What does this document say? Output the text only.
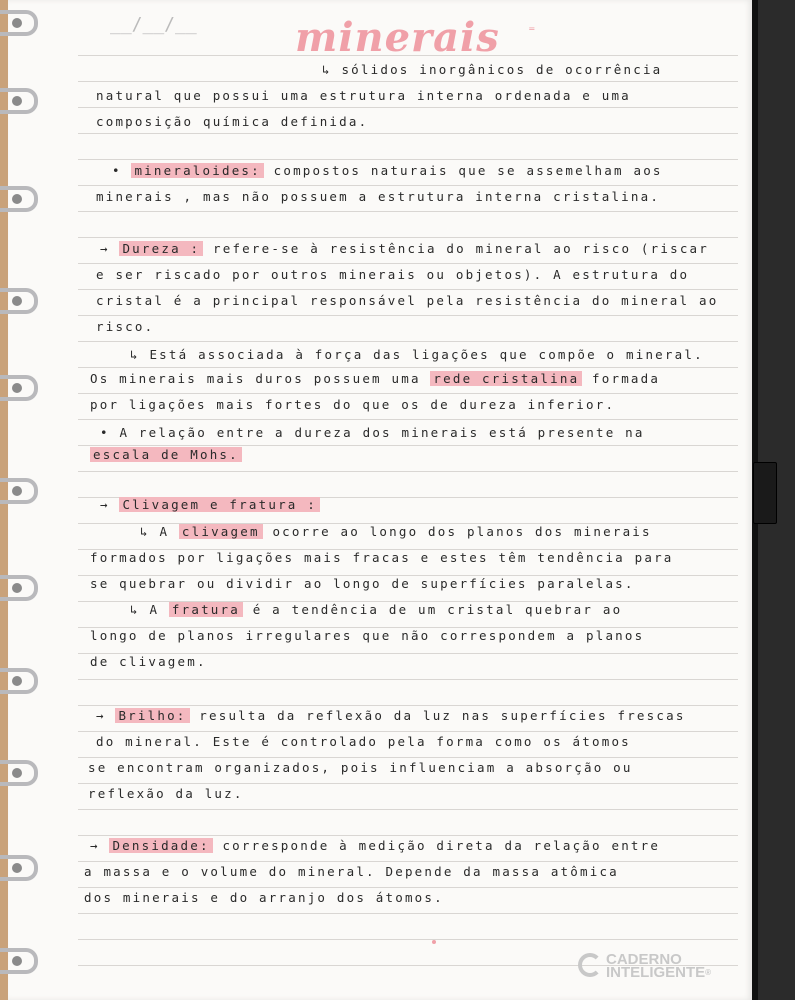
__/__/__ minerais ⁼
↳ sólidos inorgânicos de ocorrência
natural que possui uma estrutura interna ordenada e uma
composição química definida.
• mineraloides: compostos naturais que se assemelham aos
minerais , mas não possuem a estrutura interna cristalina.
→ Dureza : refere-se à resistência do mineral ao risco (riscar
e ser riscado por outros minerais ou objetos). A estrutura do
cristal é a principal responsável pela resistência do mineral ao
risco.
↳ Está associada à força das ligações que compõe o mineral.
Os minerais mais duros possuem uma rede cristalina formada
por ligações mais fortes do que os de dureza inferior.
• A relação entre a dureza dos minerais está presente na
escala de Mohs.
→ Clivagem e fratura :
↳ A clivagem ocorre ao longo dos planos dos minerais
formados por ligações mais fracas e estes têm tendência para
se quebrar ou dividir ao longo de superfícies paralelas.
↳ A fratura é a tendência de um cristal quebrar ao
longo de planos irregulares que não correspondem a planos
de clivagem.
→ Brilho: resulta da reflexão da luz nas superfícies frescas
do mineral. Este é controlado pela forma como os átomos
se encontram organizados, pois influenciam a absorção ou
reflexão da luz.
→ Densidade: corresponde à medição direta da relação entre
a massa e o volume do mineral. Depende da massa atômica
dos minerais e do arranjo dos átomos.
CADERNO
INTELIGENTE®
